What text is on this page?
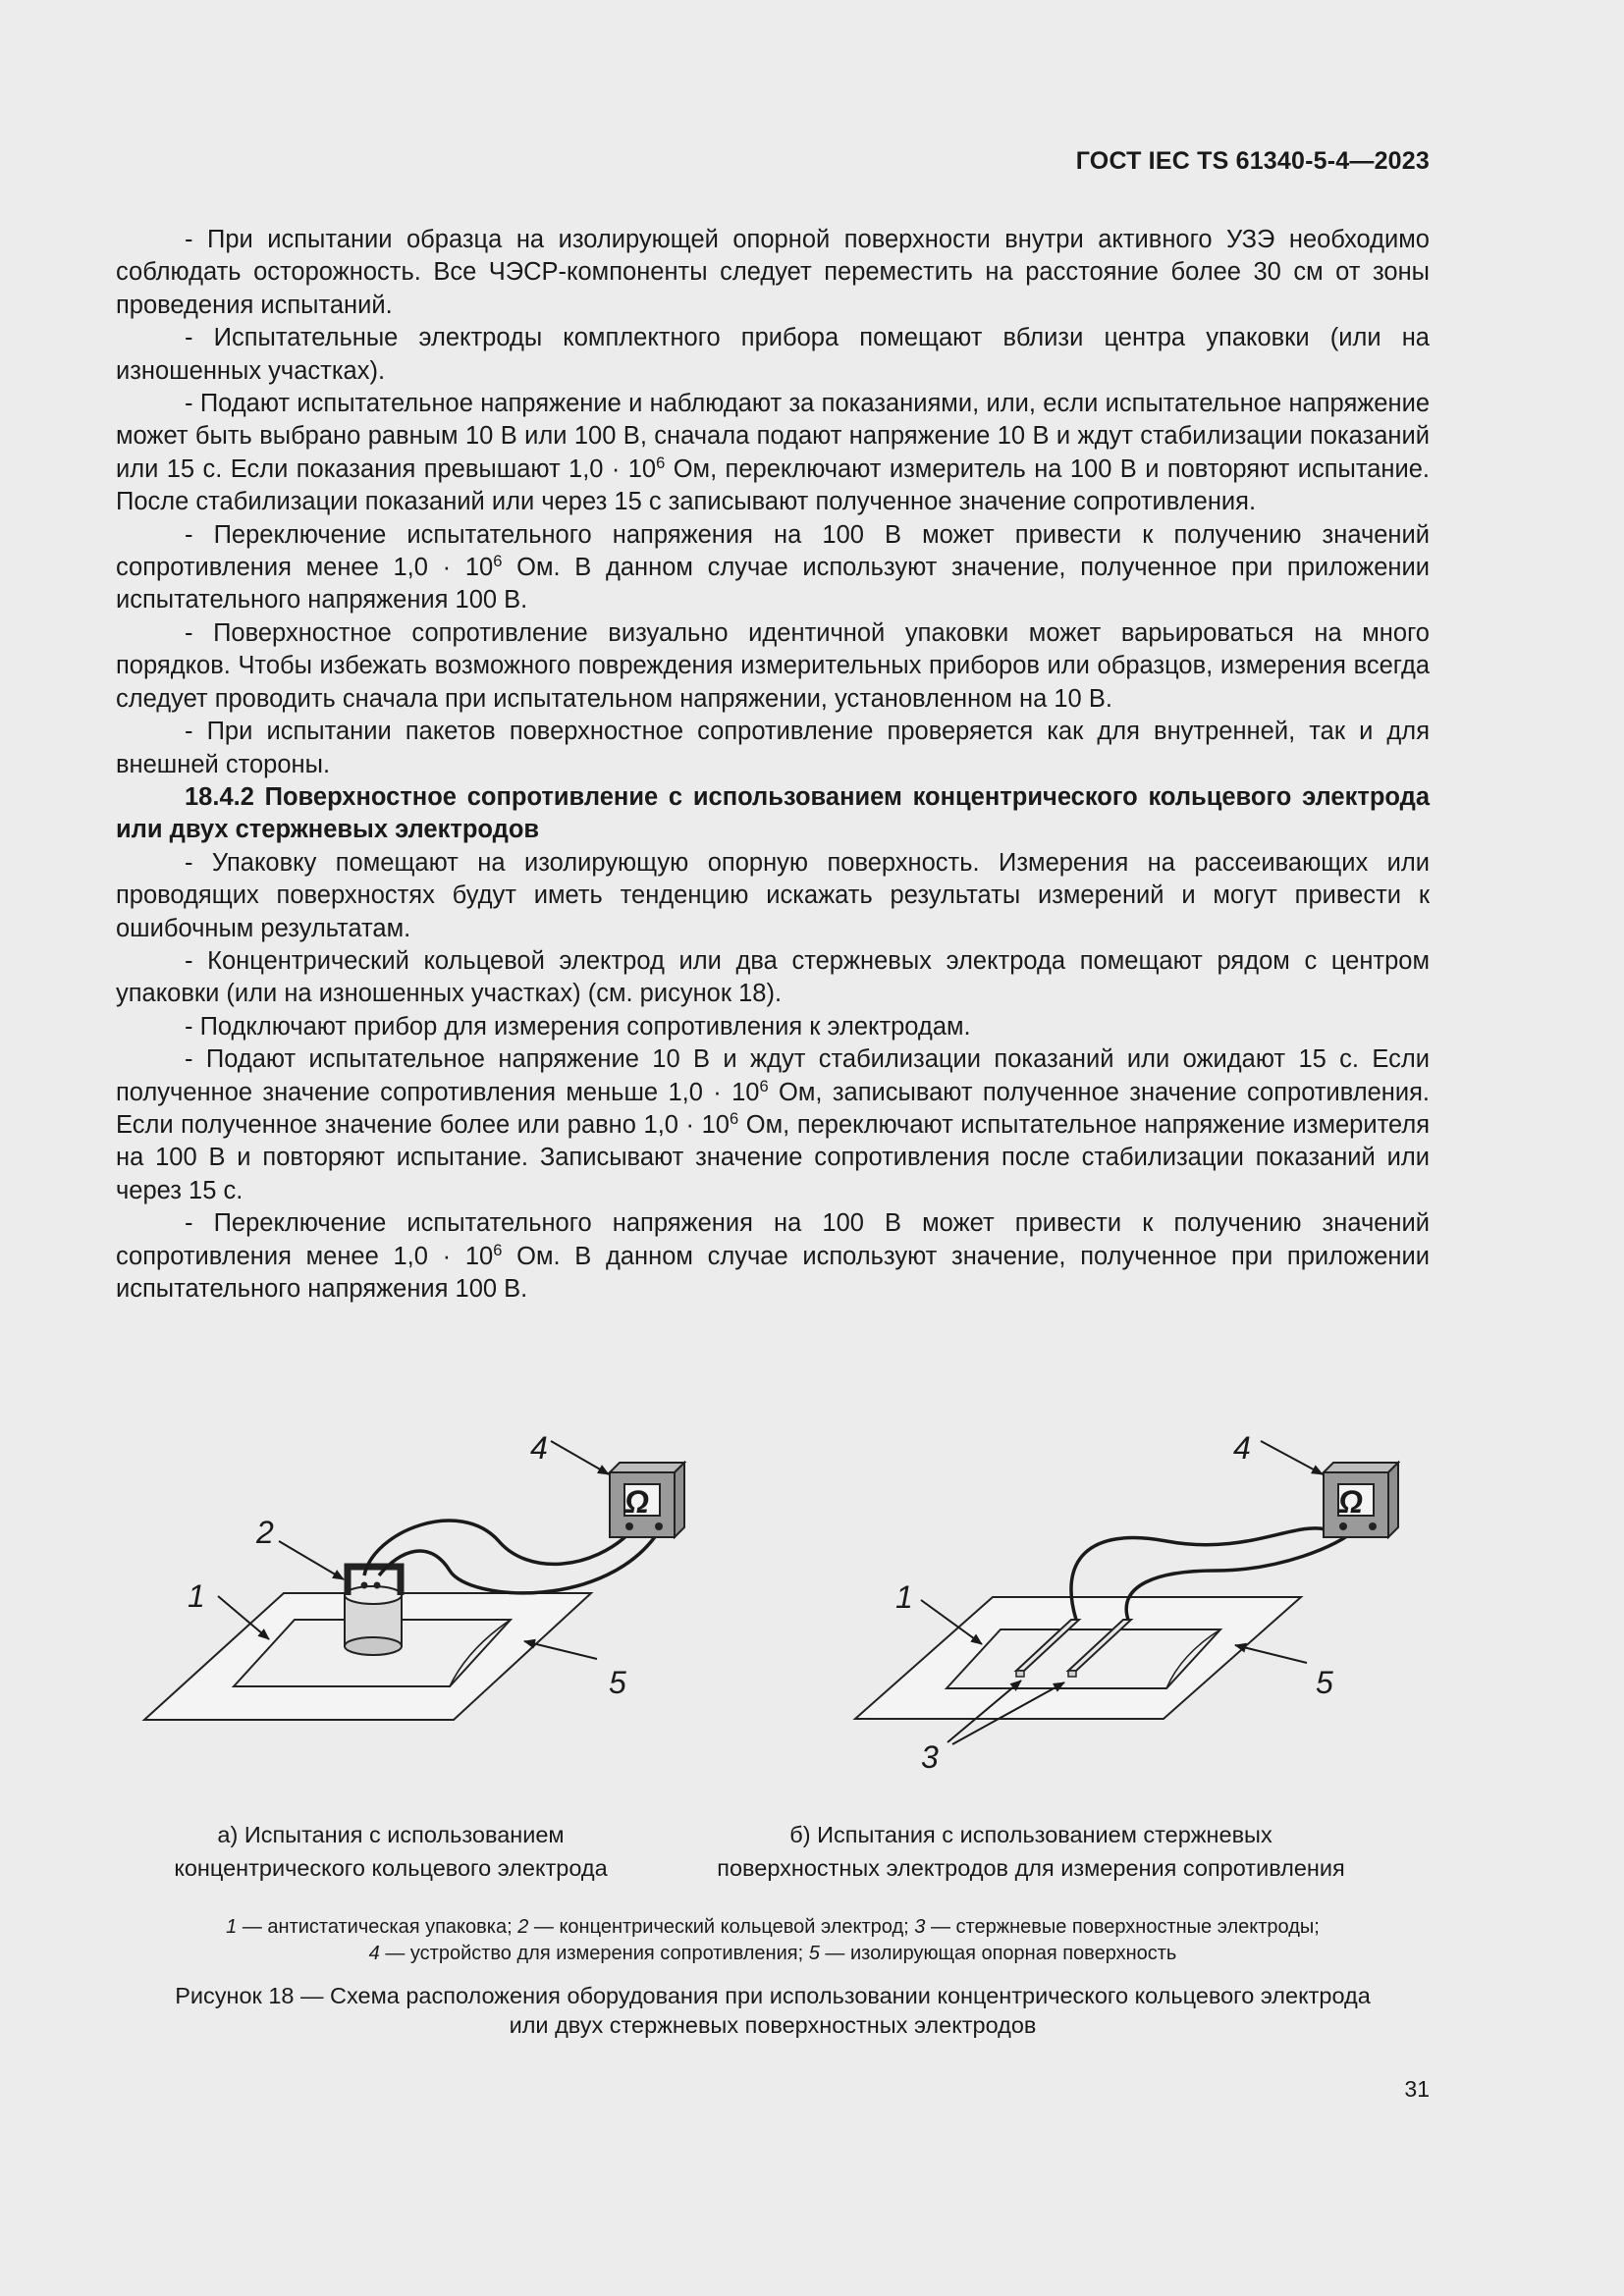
ГОСТ IEC TS 61340-5-4—2023

- При испытании образца на изолирующей опорной поверхности внутри активного УЗЭ необходимо соблюдать осторожность. Все ЧЭСР-компоненты следует переместить на расстояние более 30 см от зоны проведения испытаний.

- Испытательные электроды комплектного прибора помещают вблизи центра упаковки (или на изношенных участках).

- Подают испытательное напряжение и наблюдают за показаниями, или, если испытательное напряжение может быть выбрано равным 10 В или 100 В, сначала подают напряжение 10 В и ждут стабилизации показаний или 15 с. Если показания превышают $1,0 \cdot 10^6$ Ом, переключают измеритель на 100 В и повторяют испытание. После стабилизации показаний или через 15 с записывают полученное значение сопротивления.

- Переключение испытательного напряжения на 100 В может привести к получению значений сопротивления менее $1,0 \cdot 10^6$ Ом. В данном случае используют значение, полученное при приложении испытательного напряжения 100 В.

- Поверхностное сопротивление визуально идентичной упаковки может варьироваться на много порядков. Чтобы избежать возможного повреждения измерительных приборов или образцов, измерения всегда следует проводить сначала при испытательном напряжении, установленном на 10 В.

- При испытании пакетов поверхностное сопротивление проверяется как для внутренней, так и для внешней стороны.

18.4.2 Поверхностное сопротивление с использованием концентрического кольцевого электрода или двух стержневых электродов

- Упаковку помещают на изолирующую опорную поверхность. Измерения на рассеивающих или проводящих поверхностях будут иметь тенденцию искажать результаты измерений и могут привести к ошибочным результатам.

- Концентрический кольцевой электрод или два стержневых электрода помещают рядом с центром упаковки (или на изношенных участках) (см. рисунок 18).

- Подключают прибор для измерения сопротивления к электродам.

- Подают испытательное напряжение 10 В и ждут стабилизации показаний или ожидают 15 с. Если полученное значение сопротивления меньше $1,0 \cdot 10^6$ Ом, записывают полученное значение сопротивления. Если полученное значение более или равно $1,0 \cdot 10^6$ Ом, переключают испытательное напряжение измерителя на 100 В и повторяют испытание. Записывают значение сопротивления после стабилизации показаний или через 15 с.

- Переключение испытательного напряжения на 100 В может привести к получению значений сопротивления менее $1,0 \cdot 10^6$ Ом. В данном случае используют значение, полученное при приложении испытательного напряжения 100 В.

4
2
1
5
Ω
4
1
5
3
Ω
а) Испытания с использованием
концентрического кольцевого электрода
б) Испытания с использованием стержневых
поверхностных электродов для измерения сопротивления
1 — антистатическая упаковка; 2 — концентрический кольцевой электрод; 3 — стержневые поверхностные электроды;
4 — устройство для измерения сопротивления; 5 — изолирующая опорная поверхность
Рисунок 18 — Схема расположения оборудования при использовании концентрического кольцевого электрода
или двух стержневых поверхностных электродов
31
